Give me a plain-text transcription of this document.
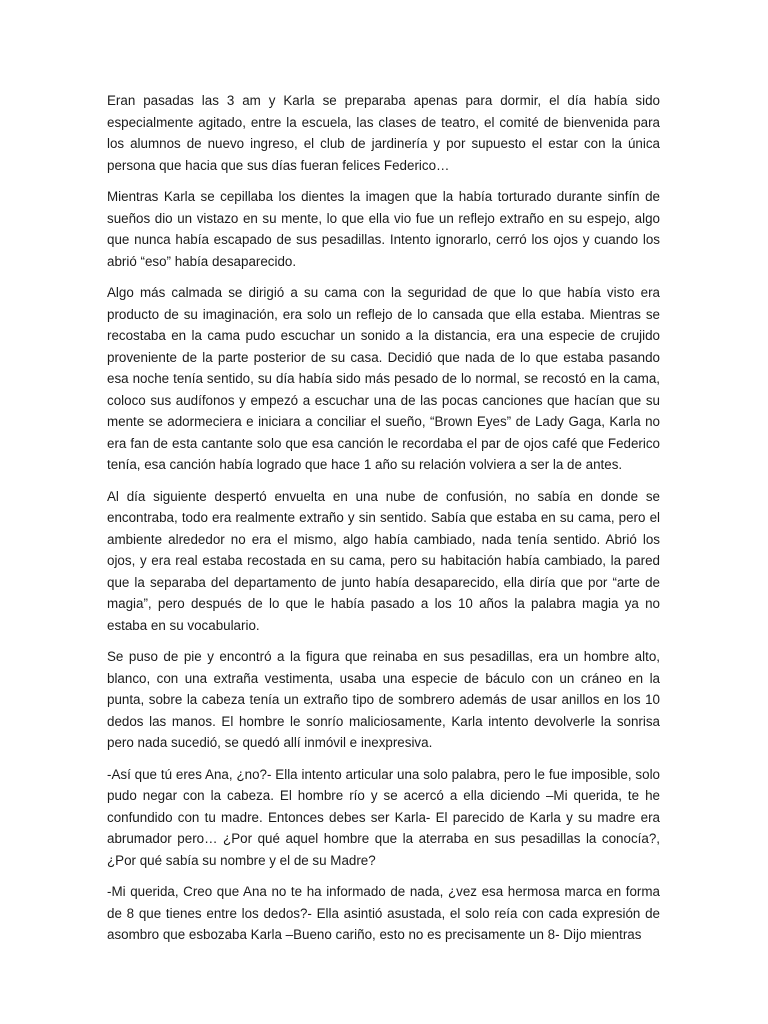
Eran pasadas las 3 am y Karla se preparaba apenas para dormir, el día había sido especialmente agitado, entre la escuela, las clases de teatro, el comité de bienvenida para los alumnos de nuevo ingreso, el club de jardinería y por supuesto el estar con la única persona que hacia que sus días fueran felices Federico…

Mientras Karla se cepillaba los dientes la imagen que la había torturado durante sinfín de sueños dio un vistazo en su mente, lo que ella vio fue un reflejo extraño en su espejo, algo que nunca había escapado de sus pesadillas. Intento ignorarlo, cerró los ojos y cuando los abrió “eso” había desaparecido.

Algo más calmada se dirigió a su cama con la seguridad de que lo que había visto era producto de su imaginación, era solo un reflejo de lo cansada que ella estaba. Mientras se recostaba en la cama pudo escuchar un sonido a la distancia, era una especie de crujido proveniente de la parte posterior de su casa. Decidió que nada de lo que estaba pasando esa noche tenía sentido, su día había sido más pesado de lo normal, se recostó en la cama, coloco sus audífonos y empezó a escuchar una de las pocas canciones que hacían que su mente se adormeciera e iniciara a conciliar el sueño, “Brown Eyes” de Lady Gaga, Karla no era fan de esta cantante solo que esa canción le recordaba el par de ojos café que Federico tenía, esa canción había logrado que hace 1 año su relación volviera a ser la de antes.

Al día siguiente despertó envuelta en una nube de confusión, no sabía en donde se encontraba, todo era realmente extraño y sin sentido. Sabía que estaba en su cama, pero el ambiente alrededor no era el mismo, algo había cambiado, nada tenía sentido. Abrió los ojos, y era real estaba recostada en su cama, pero su habitación había cambiado, la pared que la separaba del departamento de junto había desaparecido, ella diría que por “arte de magia”, pero después de lo que le había pasado a los 10 años la palabra magia ya no estaba en su vocabulario.

Se puso de pie y encontró a la figura que reinaba en sus pesadillas, era un hombre alto, blanco, con una extraña vestimenta, usaba una especie de báculo con un cráneo en la punta, sobre la cabeza tenía un extraño tipo de sombrero además de usar anillos en los 10 dedos las manos. El hombre le sonrío maliciosamente, Karla intento devolverle la sonrisa pero nada sucedió, se quedó allí inmóvil e inexpresiva.

-Así que tú eres Ana, ¿no?- Ella intento articular una solo palabra, pero le fue imposible, solo pudo negar con la cabeza. El hombre río y se acercó a ella diciendo –Mi querida, te he confundido con tu madre. Entonces debes ser Karla- El parecido de Karla y su madre era abrumador pero… ¿Por qué aquel hombre que la aterraba en sus pesadillas la conocía?, ¿Por qué sabía su nombre y el de su Madre?

-Mi querida, Creo que Ana no te ha informado de nada, ¿vez esa hermosa marca en forma de 8 que tienes entre los dedos?- Ella asintió asustada, el solo reía con cada expresión de asombro que esbozaba Karla –Bueno cariño, esto no es precisamente un 8- Dijo mientras
